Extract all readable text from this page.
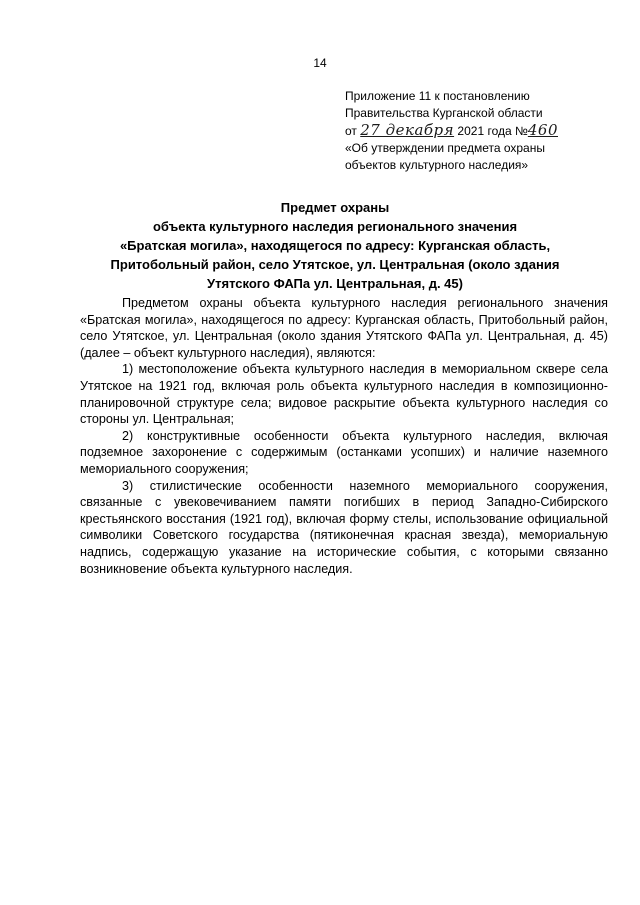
14
Приложение 11 к постановлению
Правительства Курганской области
от 27 декабря 2021 года №460
«Об утверждении предмета охраны
объектов культурного наследия»
Предмет охраны
объекта культурного наследия регионального значения
«Братская могила», находящегося по адресу: Курганская область,
Притобольный район, село Утятское, ул. Центральная (около здания
Утятского ФАПа ул. Центральная, д. 45)

Предметом охраны объекта культурного наследия регионального значения «Братская могила», находящегося по адресу: Курганская область, Притобольный район, село Утятское, ул. Центральная (около здания Утятского ФАПа ул. Центральная, д. 45) (далее – объект культурного наследия), являются:

1) местоположение объекта культурного наследия в мемориальном сквере села Утятское на 1921 год, включая роль объекта культурного наследия в композиционно-планировочной структуре села; видовое раскрытие объекта культурного наследия со стороны ул. Центральная;

2) конструктивные особенности объекта культурного наследия, включая подземное захоронение с содержимым (останками усопших) и наличие наземного мемориального сооружения;

3) стилистические особенности наземного мемориального сооружения, связанные с увековечиванием памяти погибших в период Западно-Сибирского крестьянского восстания (1921 год), включая форму стелы, использование официальной символики Советского государства (пятиконечная красная звезда), мемориальную надпись, содержащую указание на исторические события, с которыми связанно возникновение объекта культурного наследия.
